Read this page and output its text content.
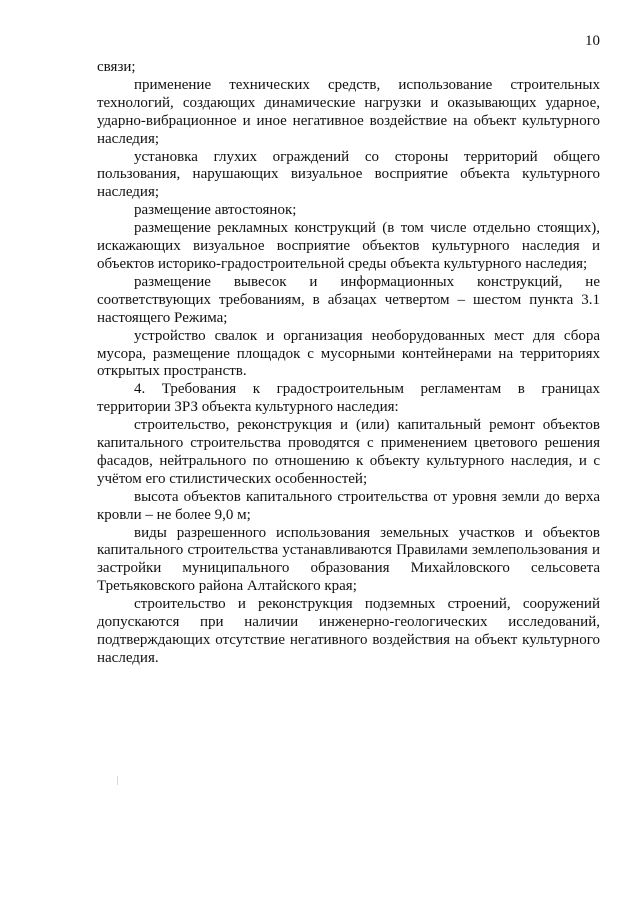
10

связи;

применение технических средств, использование строительных технологий, создающих динамические нагрузки и оказывающих ударное, ударно-вибрационное и иное негативное воздействие на объект культурного наследия;

установка глухих ограждений со стороны территорий общего пользования, нарушающих визуальное восприятие объекта культурного наследия;

размещение автостоянок;

размещение рекламных конструкций (в том числе отдельно стоящих), искажающих визуальное восприятие объектов культурного наследия и объектов историко-градостроительной среды объекта культурного наследия;

размещение вывесок и информационных конструкций, не соответствующих требованиям, в абзацах четвертом – шестом пункта 3.1 настоящего Режима;

устройство свалок и организация необорудованных мест для сбора мусора, размещение площадок с мусорными контейнерами на территориях открытых пространств.

4. Требования к градостроительным регламентам в границах территории ЗРЗ объекта культурного наследия:

строительство, реконструкция и (или) капитальный ремонт объектов капитального строительства проводятся с применением цветового решения фасадов, нейтрального по отношению к объекту культурного наследия, и с учётом его стилистических особенностей;

высота объектов капитального строительства от уровня земли до верха кровли – не более 9,0 м;

виды разрешенного использования земельных участков и объектов капитального строительства устанавливаются Правилами землепользования и застройки муниципального образования Михайловского сельсовета Третьяковского района Алтайского края;

строительство и реконструкция подземных строений, сооружений допускаются при наличии инженерно-геологических исследований, подтверждающих отсутствие негативного воздействия на объект культурного наследия.
